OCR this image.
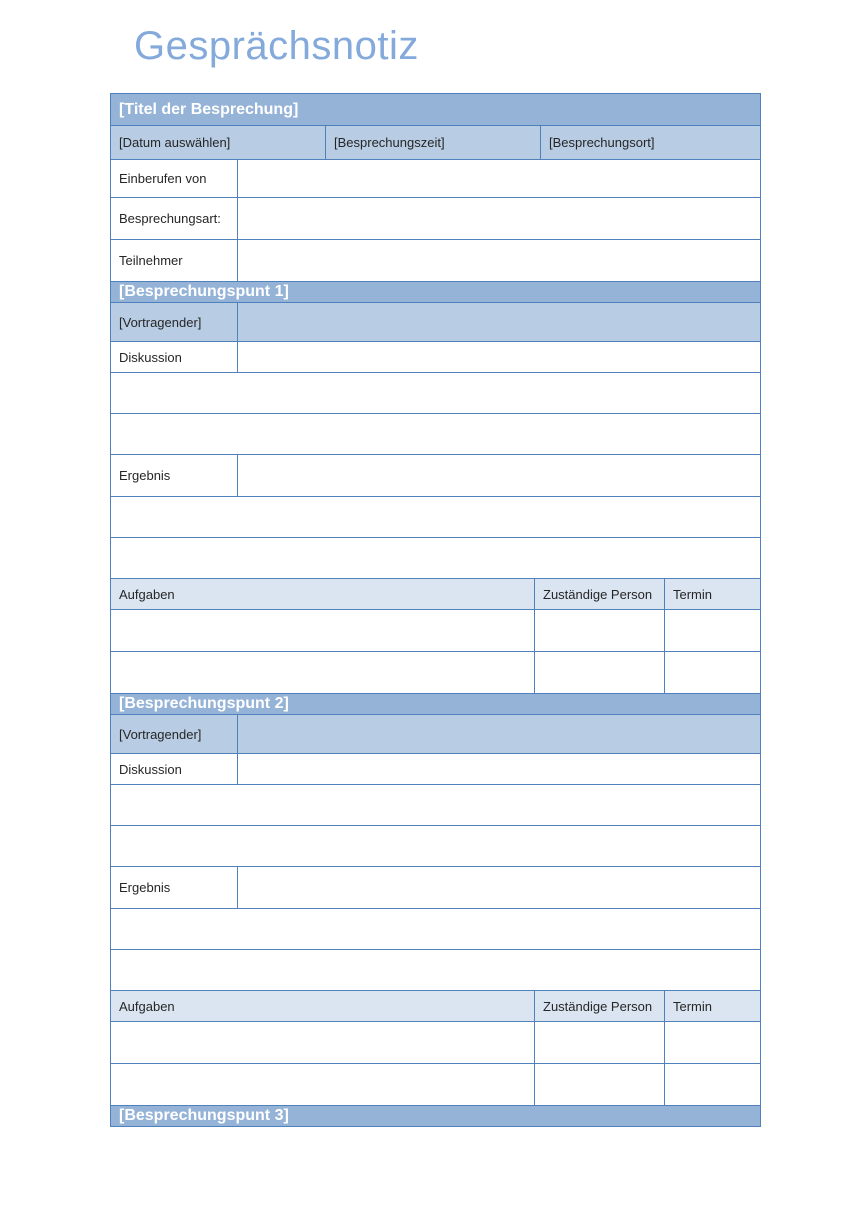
Gesprächsnotiz
[Titel der Besprechung]
[Datum auswählen]	[Besprechungszeit]	[Besprechungsort]
Einberufen von
Besprechungsart:
Teilnehmer
[Besprechungspunt 1]
[Vortragender]
Diskussion
Ergebnis
Aufgaben	Zuständige Person	Termin
[Besprechungspunt 2]
[Vortragender]
Diskussion
Ergebnis
Aufgaben	Zuständige Person	Termin
[Besprechungspunt 3]
